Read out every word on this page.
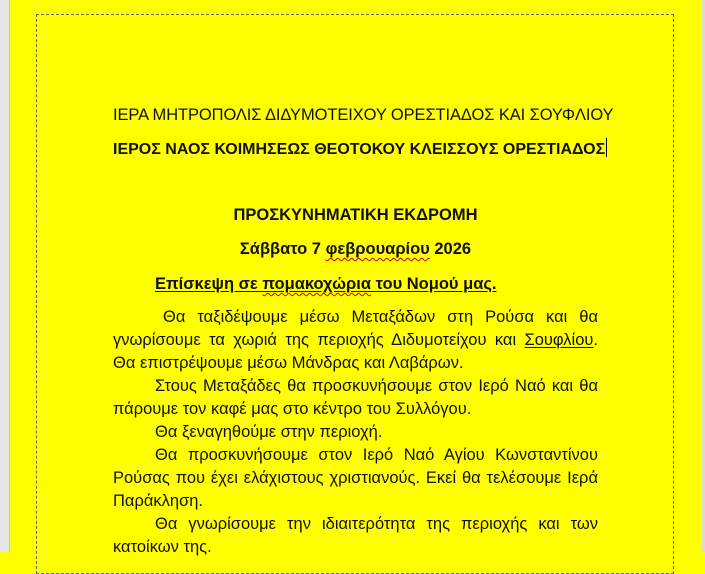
ΙΕΡΑ ΜΗΤΡΟΠΟΛΙΣ ΔΙΔΥΜΟΤΕΙΧΟΥ ΟΡΕΣΤΙΑΔΟΣ ΚΑΙ ΣΟΥΦΛΙΟΥ
ΙΕΡΟΣ ΝΑΟΣ ΚΟΙΜΗΣΕΩΣ ΘΕΟΤΟΚΟΥ ΚΛΕΙΣΣΟΥΣ ΟΡΕΣΤΙΑΔΟΣ
ΠΡΟΣΚΥΝΗΜΑΤΙΚΗ ΕΚΔΡΟΜΗ
Σάββατο 7 φεβρουαρίου 2026
Επίσκεψη σε πομακοχώρια του Νομού μας.

Θα ταξιδέψουμε μέσω Μεταξάδων στη Ρούσα και θα γνωρίσουμε τα χωριά της περιοχής Διδυμοτείχου και Σουφλίου. Θα επιστρέψουμε μέσω Μάνδρας και Λαβάρων.

Στους Μεταξάδες θα προσκυνήσουμε στον Ιερό Ναό και θα πάρουμε τον καφέ μας στο κέντρο του Συλλόγου.

Θα ξεναγηθούμε στην περιοχή.

Θα προσκυνήσουμε στον Ιερό Ναό Αγίου Κωνσταντίνου Ρούσας που έχει ελάχιστους χριστιανούς. Εκεί θα τελέσουμε Ιερά Παράκληση.

Θα γνωρίσουμε την ιδιαιτερότητα της περιοχής και των κατοίκων της.
